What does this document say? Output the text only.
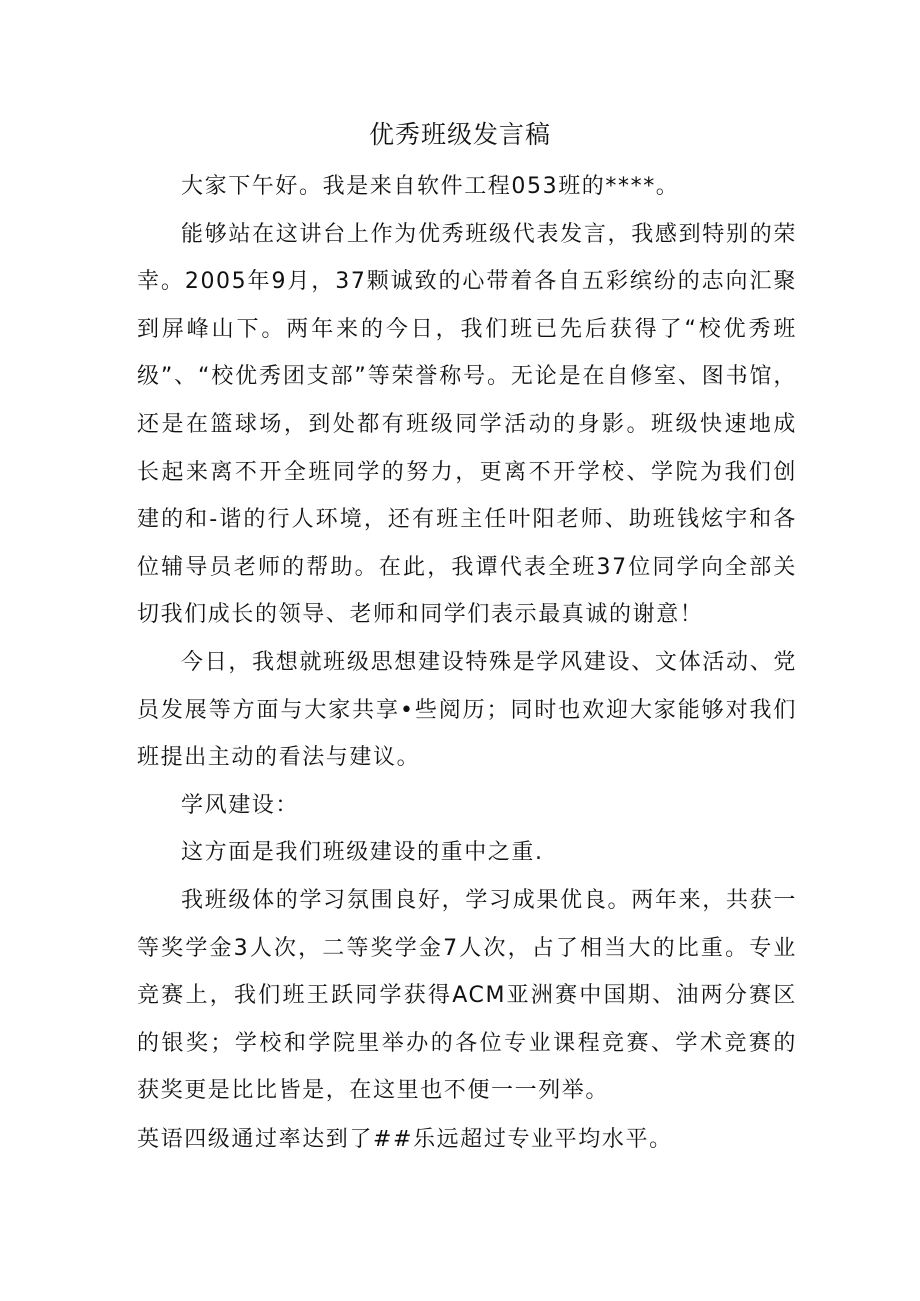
优秀班级发言稿

大家下午好。我是来自软件工程053班的****。

能够站在这讲台上作为优秀班级代表发言，我感到特别的荣幸。2005年9月，37颗诚致的心带着各自五彩缤纷的志向汇聚到屏峰山下。两年来的今日，我们班已先后获得了“校优秀班级”、“校优秀团支部”等荣誉称号。无论是在自修室、图书馆，还是在篮球场，到处都有班级同学活动的身影。班级快速地成长起来离不开全班同学的努力，更离不开学校、学院为我们创建的和-谐的行人环境，还有班主任叶阳老师、助班钱炫宇和各位辅导员老师的帮助。在此，我谭代表全班37位同学向全部关切我们成长的领导、老师和同学们表示最真诚的谢意！

今日，我想就班级思想建设特殊是学风建设、文体活动、党员发展等方面与大家共享•些阅历；同时也欢迎大家能够对我们班提出主动的看法与建议。

学风建设：

这方面是我们班级建设的重中之重.

我班级体的学习氛围良好，学习成果优良。两年来，共获一等奖学金3人次，二等奖学金7人次，占了相当大的比重。专业竞赛上，我们班王跃同学获得ACM亚洲赛中国期、油两分赛区的银奖；学校和学院里举办的各位专业课程竞赛、学术竞赛的获奖更是比比皆是，在这里也不便一一列举。

英语四级通过率达到了##乐远超过专业平均水平。
